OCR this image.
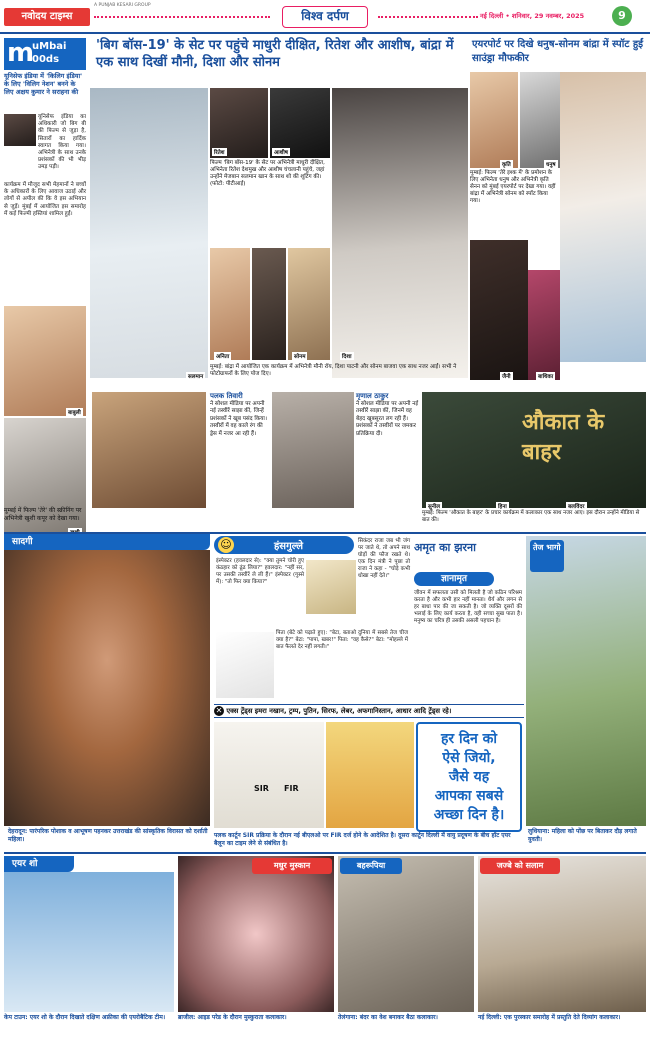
नवोदय टाइम्स
A PUNJAB KESARI GROUP
विश्व दर्पण	नई दिल्ली • शनिवार, 29 नवम्बर, 2025	9
m
uMbai
00ds
यूनिसेफ इंडिया में 'किलिग इंडिया' के लिए 'विलिग नेशन' बनने के लिए अक्षय कुमार ने सराहना की
यूनिसेफ इंडिया का अधिकारी जो बिग बी की फिल्म से जुड़ा है, सितारों का हार्दिक स्वागत किया गया। अभिनेत्री के साथ उनके प्रशंसकों की भी भीड़ उमड़ पड़ी।
कार्यक्रम में मौजूद सभी मेहमानों ने बच्चों के अधिकारों के लिए आवाज उठाई और लोगों से अपील की कि वे इस अभियान से जुड़ें। मुंबई में आयोजित इस समारोह में कई फिल्मी हस्तियां शामिल हुईं।
बाबुली
मुम्बई में फिल्म 'तेरे' की स्क्रीनिंग पर अभिनेत्री खुशी कपूर को देखा गया।
'बिग बॉस-19' के सेट पर पहुंचे माधुरी दीक्षित, रितेश और आशीष, बांद्रा में एक साथ दिखीं मौनी, दिशा और सोनम
सलमान
रितेश	आशीष
फिल्म 'बिग बॉस-19' के सेट पर अभिनेत्री माधुरी दीक्षित, अभिनेता रितेश देशमुख और आशीष चंचलानी पहुंचे, जहां उन्होंने मेजबान सलमान खान के साथ शो की शूटिंग की। (फोटो: पीटीआई)
अनिता	दिशा
सोनम
मुम्बई: बांद्रा में आयोजित एक कार्यक्रम में अभिनेत्री मौनी रॉय, दिशा पाटनी और सोनम बाजवा एक साथ नजर आईं। सभी ने फोटोग्राफरों के लिए पोज दिए।
एयरपोर्ट पर दिखे धनुष-सोनम बांद्रा में स्पॉट हुईं साउंड्रा मौफकीर
कृति	धनुष
मुम्बई: फिल्म 'तेरे इश्क में' के प्रमोशन के लिए अभिनेता धनुष और अभिनेत्री कृति सेनन को मुंबई एयरपोर्ट पर देखा गया। वहीं बांद्रा में अभिनेत्री सोनम को स्पॉट किया गया।
जैनी	बाथिका
पलक तिवारी
ने सोशल मीडिया पर अपनी नई तस्वीरें साझा कीं, जिन्हें प्रशंसकों ने खूब पसंद किया। तस्वीरों में वह काले रंग की ड्रेस में नजर आ रही हैं।
मृणाल ठाकुर
ने सोशल मीडिया पर अपनी नई तस्वीरें साझा कीं, जिनमें वह बेहद खूबसूरत लग रही हैं। प्रशंसकों ने तस्वीरों पर जमकर प्रतिक्रिया दी।	औकात के बाहर
सुनील	हिना	बलविंदर
मुम्बई: फिल्म 'औकात के बाहर' के प्रचार कार्यक्रम में कलाकार एक साथ नजर आए। इस दौरान उन्होंने मीडिया से बात की।
सादगी
देहरादून: पारंपरिक पोशाक व आभूषण पहनकर उत्तराखंड की सांस्कृतिक विरासत को दर्शाती महिला।
☺	हंसगुल्ले
इंस्पेक्टर (हवलदार से): "क्या तुमने चोरी हुए कंठहार को ढूंढ लिया?" हवलदार: "नहीं सर, पर उसकी तस्वीरें ले ली हैं।" इंस्पेक्टर (गुस्से में): "तो फिर क्या किया?"
सिकंदर राजा जब भी जंग पर जाते थे, तो अपने साथ घोड़ों की फौज रखते थे। एक दिन मंत्री ने पूछा तो राजा ने कहा - "घोड़े कभी धोखा नहीं देते।"
पिता (बेटे को पढ़ाते हुए): "बेटा, बताओ दुनिया में सबसे तेज चीज क्या है?" बेटा: "पापा, खबर!" पिता: "वह कैसे?" बेटा: "मोहल्ले में बात फैलते देर नहीं लगती।"
अमृत का झरना
ज्ञानामृत
जीवन में सफलता उसी को मिलती है जो कठिन परिश्रम करता है और कभी हार नहीं मानता। धैर्य और लगन से हर बाधा पार की जा सकती है। जो व्यक्ति दूसरों की भलाई के लिए कार्य करता है, वही सच्चा सुख पाता है। मनुष्य का चरित्र ही उसकी असली पहचान है।
तेज भागो
लुधियाना: महिला को पोंछ पर बिताकर दौड़ लगाते युवती।
✕ एक्स ट्रेंड्स इमरा नखान, ट्रम्प, पुतिन, सिरफ, लेबर, अफगानिस्तान, आधार आदि ट्रेंड्स रहे।
SIR FIR
हर दिन को
ऐसे जियो,
जैसे यह
आपका सबसे
अच्छा दिन है।
पलक कार्टून SIR प्रक्रिया के दौरान नई बीएलओ पर FIR दर्ज होने के आदेशित है। दूसरा कार्टून दिल्ली में वायु प्रदूषण के बीच हॉट एयर बैलून का टाइम लेने से संबंधित है।
एयर शो
केप टाउन: एयर शो के दौरान दिखाते दक्षिण अफ्रीका की एयरोबैटिक टीम।
मधुर मुस्कान
ब्राजील: आइड परेड के दौरान मुस्कुराता कलाकार।
बहरूपिया
तेलंगाना: बंदर का वेश बनाकर बैठा कलाकार।
जज्बे को सलाम
नई दिल्ली: एक पुरस्कार समारोह में प्रस्तुति देते दिव्यांग कलाकार।
